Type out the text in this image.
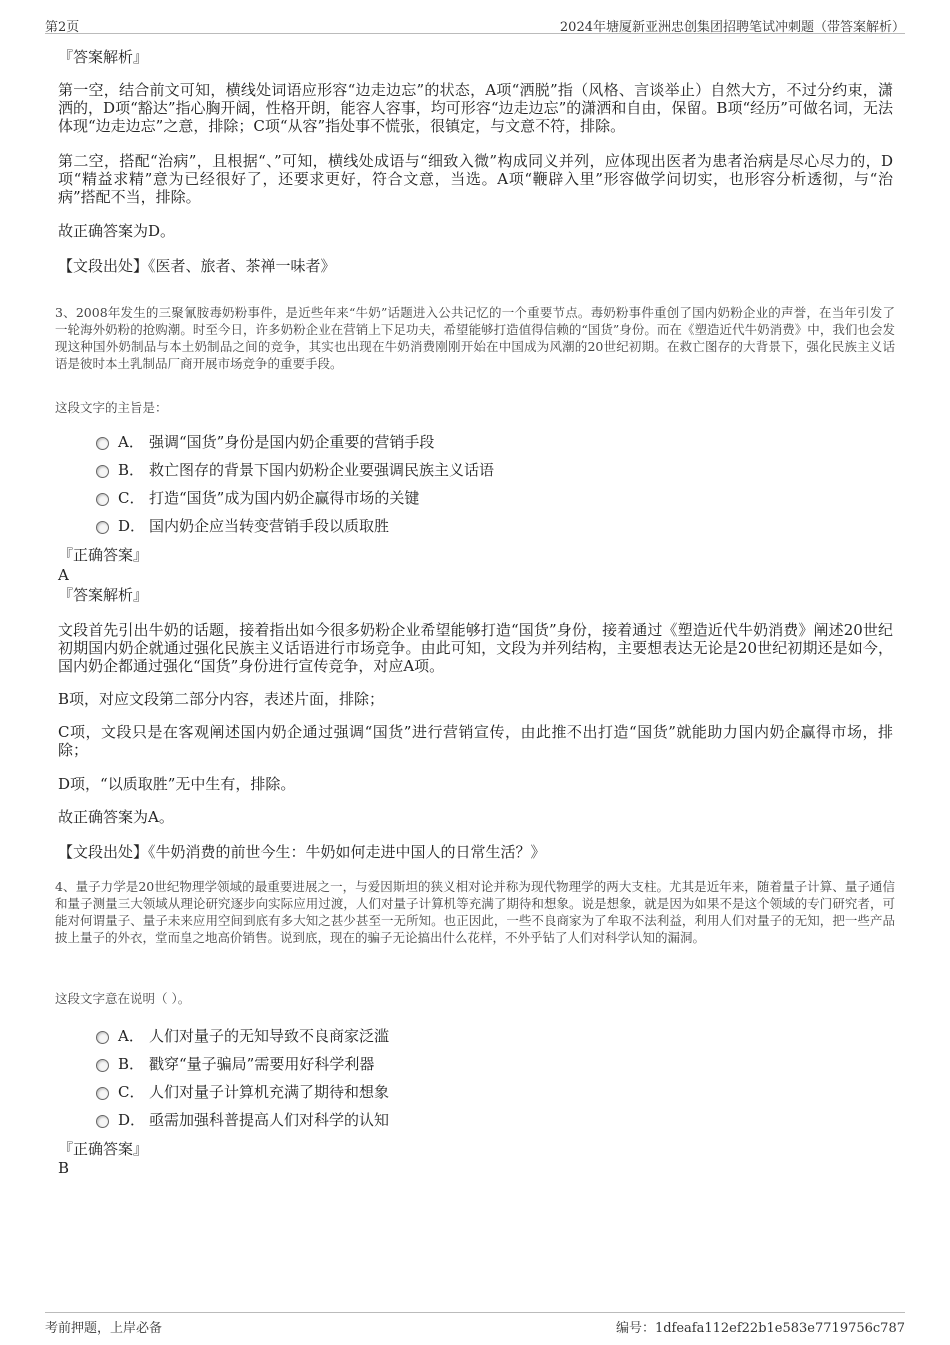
第2页	2024年塘厦新亚洲忠创集团招聘笔试冲刺题（带答案解析）
『答案解析』
第一空，结合前文可知，横线处词语应形容“边走边忘”的状态，A项“洒脱”指（风格、言谈举止）自然大方，不过分约束，潇洒的，D项“豁达”指心胸开阔，性格开朗，能容人容事，均可形容“边走边忘”的潇洒和自由，保留。B项“经历”可做名词，无法体现“边走边忘”之意，排除；C项“从容”指处事不慌张，很镇定，与文意不符，排除。
第二空，搭配“治病”，且根据“、”可知，横线处成语与“细致入微”构成同义并列，应体现出医者为患者治病是尽心尽力的，D项“精益求精”意为已经很好了，还要求更好，符合文意，当选。A项“鞭辟入里”形容做学问切实，也形容分析透彻，与“治病”搭配不当，排除。
故正确答案为D。
【文段出处】《医者、旅者、茶禅一味者》
3、2008年发生的三聚氰胺毒奶粉事件，是近些年来“牛奶”话题进入公共记忆的一个重要节点。毒奶粉事件重创了国内奶粉企业的声誉，在当年引发了一轮海外奶粉的抢购潮。时至今日，许多奶粉企业在营销上下足功夫，希望能够打造值得信赖的“国货”身份。而在《塑造近代牛奶消费》中，我们也会发现这种国外奶制品与本土奶制品之间的竞争，其实也出现在牛奶消费刚刚开始在中国成为风潮的20世纪初期。在救亡图存的大背景下，强化民族主义话语是彼时本土乳制品厂商开展市场竞争的重要手段。
这段文字的主旨是：
A． 强调“国货”身份是国内奶企重要的营销手段
B． 救亡图存的背景下国内奶粉企业要强调民族主义话语
C． 打造“国货”成为国内奶企赢得市场的关键
D． 国内奶企应当转变营销手段以质取胜
『正确答案』
A
『答案解析』
文段首先引出牛奶的话题，接着指出如今很多奶粉企业希望能够打造“国货”身份，接着通过《塑造近代牛奶消费》阐述20世纪初期国内奶企就通过强化民族主义话语进行市场竞争。由此可知，文段为并列结构，主要想表达无论是20世纪初期还是如今，国内奶企都通过强化“国货”身份进行宣传竞争，对应A项。
B项，对应文段第二部分内容，表述片面，排除；
C项，文段只是在客观阐述国内奶企通过强调“国货”进行营销宣传，由此推不出打造“国货”就能助力国内奶企赢得市场，排除；
D项，“以质取胜”无中生有，排除。
故正确答案为A。
【文段出处】《牛奶消费的前世今生：牛奶如何走进中国人的日常生活？》
4、量子力学是20世纪物理学领域的最重要进展之一，与爱因斯坦的狭义相对论并称为现代物理学的两大支柱。尤其是近年来，随着量子计算、量子通信和量子测量三大领域从理论研究逐步向实际应用过渡，人们对量子计算机等充满了期待和想象。说是想象，就是因为如果不是这个领域的专门研究者，可能对何谓量子、量子未来应用空间到底有多大知之甚少甚至一无所知。也正因此，一些不良商家为了牟取不法利益，利用人们对量子的无知，把一些产品披上量子的外衣，堂而皇之地高价销售。说到底，现在的骗子无论搞出什么花样，不外乎钻了人们对科学认知的漏洞。
这段文字意在说明（ ）。
A． 人们对量子的无知导致不良商家泛滥
B． 戳穿“量子骗局”需要用好科学利器
C． 人们对量子计算机充满了期待和想象
D． 亟需加强科普提高人们对科学的认知
『正确答案』
B
考前押题，上岸必备	编号：1dfeafa112ef22b1e583e7719756c787
